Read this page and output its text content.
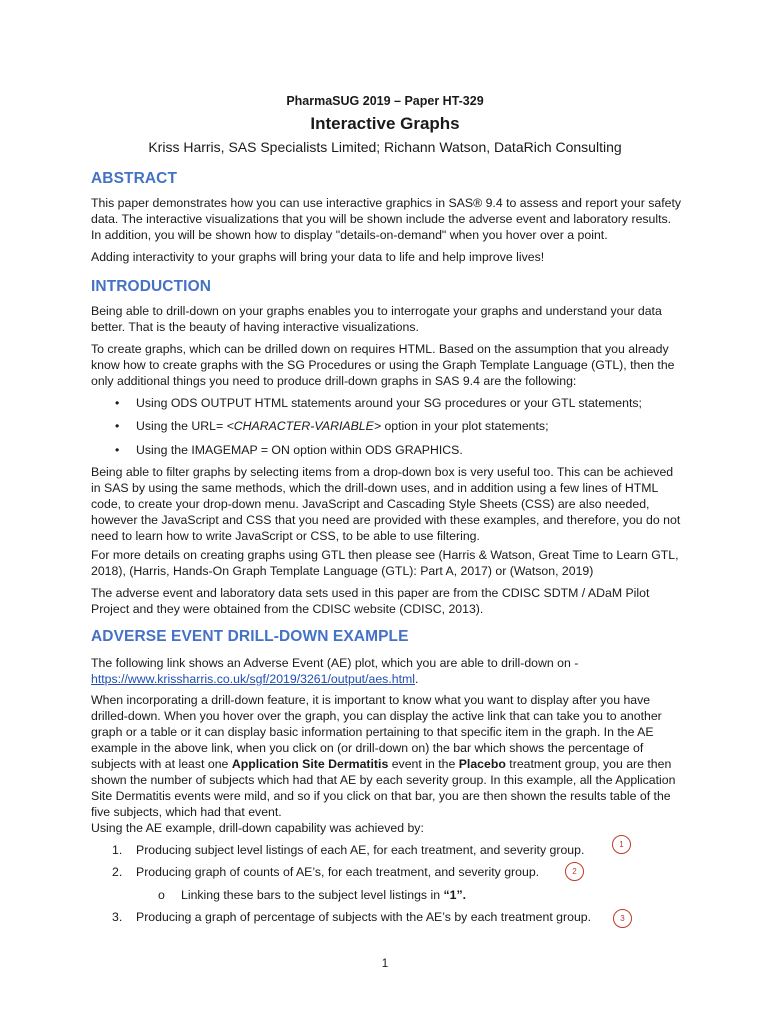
PharmaSUG 2019 – Paper HT-329
Interactive Graphs
Kriss Harris, SAS Specialists Limited; Richann Watson, DataRich Consulting
ABSTRACT

This paper demonstrates how you can use interactive graphics in SAS® 9.4 to assess and report your safety data. The interactive visualizations that you will be shown include the adverse event and laboratory results. In addition, you will be shown how to display "details-on-demand" when you hover over a point.

Adding interactivity to your graphs will bring your data to life and help improve lives!

INTRODUCTION

Being able to drill-down on your graphs enables you to interrogate your graphs and understand your data better. That is the beauty of having interactive visualizations.

To create graphs, which can be drilled down on requires HTML. Based on the assumption that you already know how to create graphs with the SG Procedures or using the Graph Template Language (GTL), then the only additional things you need to produce drill-down graphs in SAS 9.4 are the following:

• Using ODS OUTPUT HTML statements around your SG procedures or your GTL statements;
• Using the URL= <CHARACTER-VARIABLE> option in your plot statements;
• Using the IMAGEMAP = ON option within ODS GRAPHICS.

Being able to filter graphs by selecting items from a drop-down box is very useful too. This can be achieved in SAS by using the same methods, which the drill-down uses, and in addition using a few lines of HTML code, to create your drop-down menu. JavaScript and Cascading Style Sheets (CSS) are also needed, however the JavaScript and CSS that you need are provided with these examples, and therefore, you do not need to learn how to write JavaScript or CSS, to be able to use filtering.

For more details on creating graphs using GTL then please see (Harris & Watson, Great Time to Learn GTL, 2018), (Harris, Hands-On Graph Template Language (GTL): Part A, 2017) or (Watson, 2019)

The adverse event and laboratory data sets used in this paper are from the CDISC SDTM / ADaM Pilot Project and they were obtained from the CDISC website (CDISC, 2013).

ADVERSE EVENT DRILL-DOWN EXAMPLE

The following link shows an Adverse Event (AE) plot, which you are able to drill-down on - https://www.krissharris.co.uk/sgf/2019/3261/output/aes.html.

When incorporating a drill-down feature, it is important to know what you want to display after you have drilled-down. When you hover over the graph, you can display the active link that can take you to another graph or a table or it can display basic information pertaining to that specific item in the graph. In the AE example in the above link, when you click on (or drill-down on) the bar which shows the percentage of subjects with at least one Application Site Dermatitis event in the Placebo treatment group, you are then shown the number of subjects which had that AE by each severity group. In this example, all the Application Site Dermatitis events were mild, and so if you click on that bar, you are then shown the results table of the five subjects, which had that event.

Using the AE example, drill-down capability was achieved by:

1. Producing subject level listings of each AE, for each treatment, and severity group.
2. Producing graph of counts of AE’s, for each treatment, and severity group.
o Linking these bars to the subject level listings in “1”.
3. Producing a graph of percentage of subjects with the AE’s by each treatment group.
1
2
3
1
